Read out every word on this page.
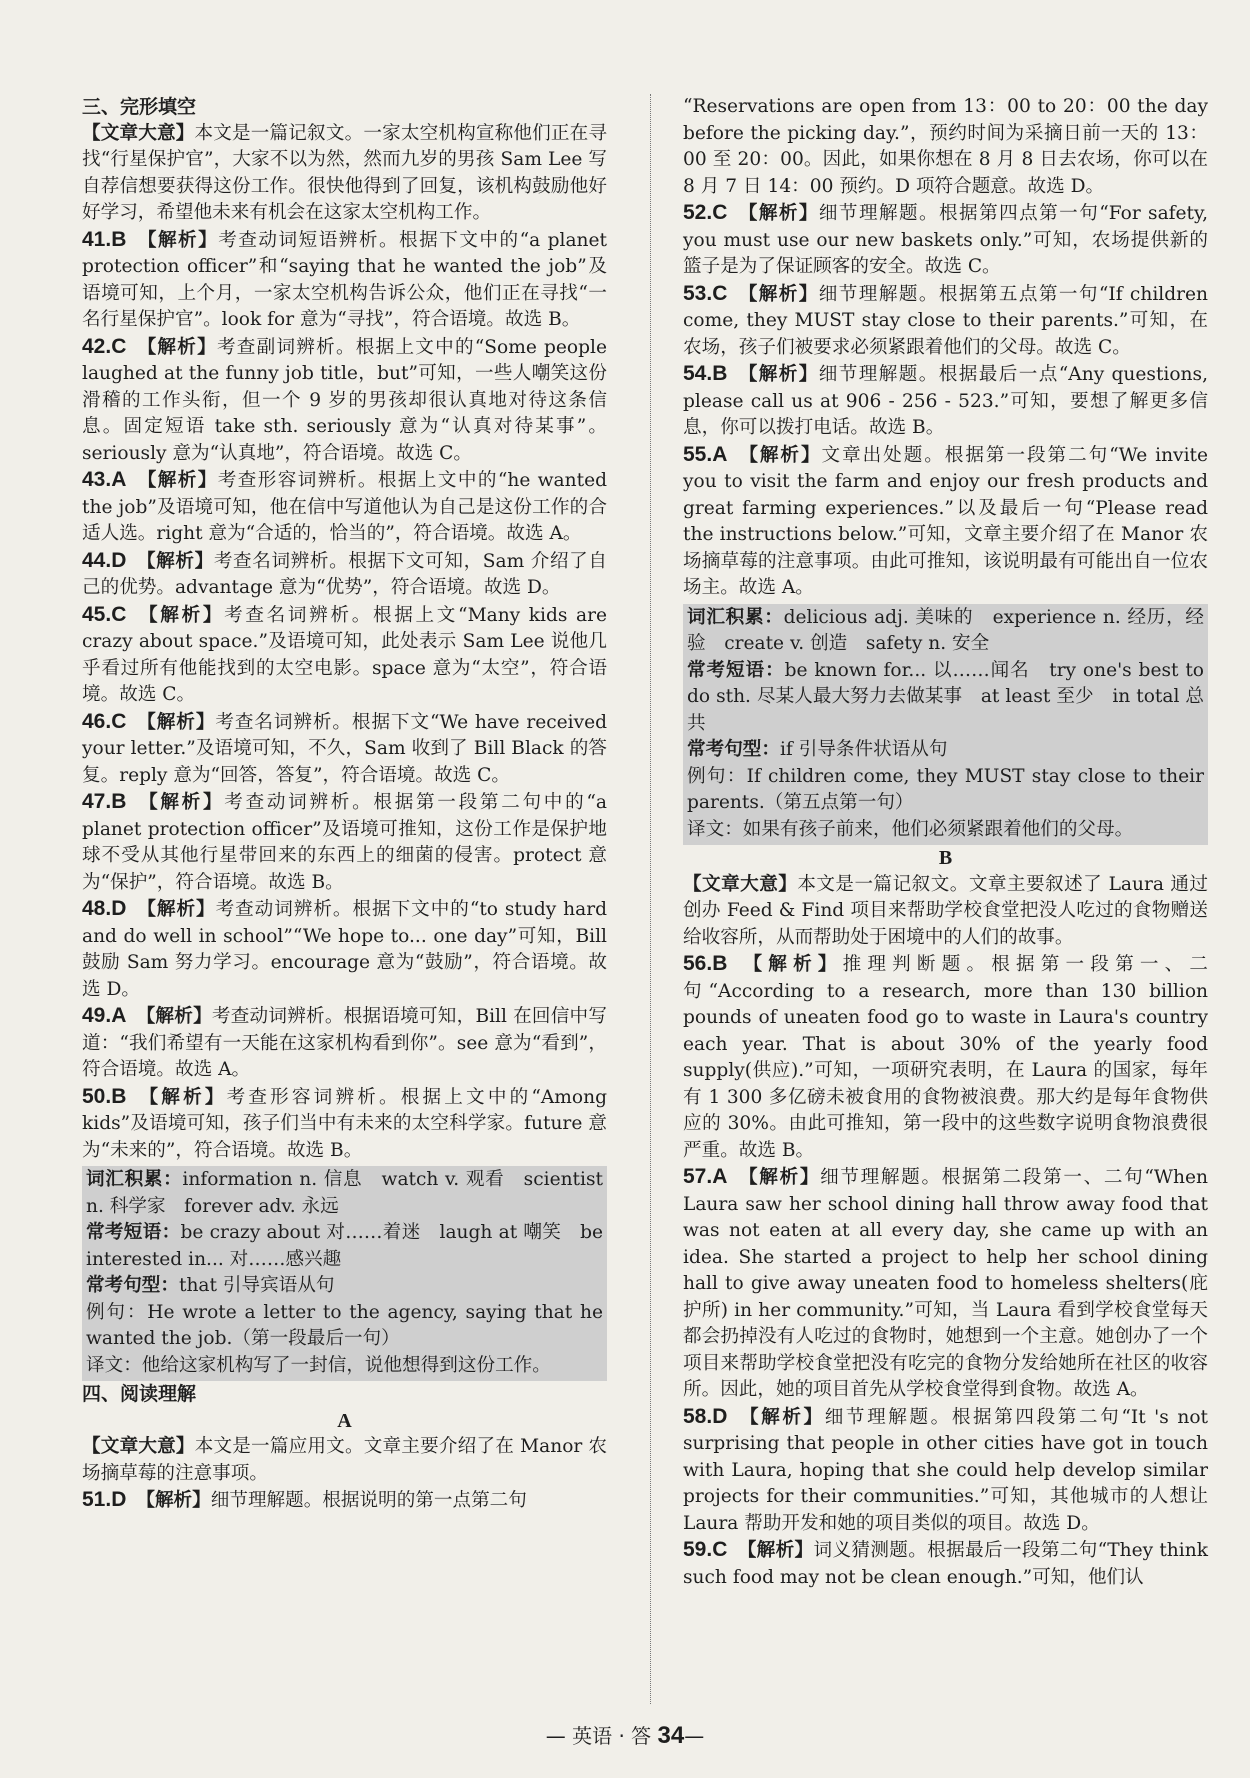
三、完形填空

【文章大意】本文是一篇记叙文。一家太空机构宣称他们正在寻找“行星保护官”，大家不以为然，然而九岁的男孩 Sam Lee 写自荐信想要获得这份工作。很快他得到了回复，该机构鼓励他好好学习，希望他未来有机会在这家太空机构工作。

41.B 【解析】考查动词短语辨析。根据下文中的“a planet protection officer”和“saying that he wanted the job”及语境可知，上个月，一家太空机构告诉公众，他们正在寻找“一名行星保护官”。look for 意为“寻找”，符合语境。故选 B。

42.C 【解析】考查副词辨析。根据上文中的“Some people laughed at the funny job title，but”可知，一些人嘲笑这份滑稽的工作头衔，但一个 9 岁的男孩却很认真地对待这条信息。固定短语 take sth. seriously 意为“认真对待某事”。seriously 意为“认真地”，符合语境。故选 C。

43.A 【解析】考查形容词辨析。根据上文中的“he wanted the job”及语境可知，他在信中写道他认为自己是这份工作的合适人选。right 意为“合适的，恰当的”，符合语境。故选 A。

44.D 【解析】考查名词辨析。根据下文可知，Sam 介绍了自己的优势。advantage 意为“优势”，符合语境。故选 D。

45.C 【解析】考查名词辨析。根据上文“Many kids are crazy about space.”及语境可知，此处表示 Sam Lee 说他几乎看过所有他能找到的太空电影。space 意为“太空”，符合语境。故选 C。

46.C 【解析】考查名词辨析。根据下文“We have received your letter.”及语境可知，不久，Sam 收到了 Bill Black 的答复。reply 意为“回答，答复”，符合语境。故选 C。

47.B 【解析】考查动词辨析。根据第一段第二句中的“a planet protection officer”及语境可推知，这份工作是保护地球不受从其他行星带回来的东西上的细菌的侵害。protect 意为“保护”，符合语境。故选 B。

48.D 【解析】考查动词辨析。根据下文中的“to study hard and do well in school”“We hope to... one day”可知，Bill 鼓励 Sam 努力学习。encourage 意为“鼓励”，符合语境。故选 D。

49.A 【解析】考查动词辨析。根据语境可知，Bill 在回信中写道：“我们希望有一天能在这家机构看到你”。see 意为“看到”，符合语境。故选 A。

50.B 【解析】考查形容词辨析。根据上文中的“Among kids”及语境可知，孩子们当中有未来的太空科学家。future 意为“未来的”，符合语境。故选 B。

词汇积累：information n. 信息　watch v. 观看　scientist n. 科学家　forever adv. 永远

常考短语：be crazy about 对……着迷　laugh at 嘲笑　be interested in... 对……感兴趣

常考句型：that 引导宾语从句

例句：He wrote a letter to the agency, saying that he wanted the job.（第一段最后一句）

译文：他给这家机构写了一封信，说他想得到这份工作。

四、阅读理解

A

【文章大意】本文是一篇应用文。文章主要介绍了在 Manor 农场摘草莓的注意事项。

51.D 【解析】细节理解题。根据说明的第一点第二句

“Reservations are open from 13：00 to 20：00 the day before the picking day.”，预约时间为采摘日前一天的 13：00 至 20：00。因此，如果你想在 8 月 8 日去农场，你可以在 8 月 7 日 14：00 预约。D 项符合题意。故选 D。

52.C 【解析】细节理解题。根据第四点第一句“For safety, you must use our new baskets only.”可知，农场提供新的篮子是为了保证顾客的安全。故选 C。

53.C 【解析】细节理解题。根据第五点第一句“If children come, they MUST stay close to their parents.”可知，在农场，孩子们被要求必须紧跟着他们的父母。故选 C。

54.B 【解析】细节理解题。根据最后一点“Any questions, please call us at 906 - 256 - 523.”可知，要想了解更多信息，你可以拨打电话。故选 B。

55.A 【解析】文章出处题。根据第一段第二句“We invite you to visit the farm and enjoy our fresh products and great farming experiences.”以及最后一句“Please read the instructions below.”可知，文章主要介绍了在 Manor 农场摘草莓的注意事项。由此可推知，该说明最有可能出自一位农场主。故选 A。

词汇积累：delicious adj. 美味的　experience n. 经历，经验　create v. 创造　safety n. 安全

常考短语：be known for... 以……闻名　try one's best to do sth. 尽某人最大努力去做某事　at least 至少　in total 总共

常考句型：if 引导条件状语从句

例句：If children come, they MUST stay close to their parents.（第五点第一句）

译文：如果有孩子前来，他们必须紧跟着他们的父母。

B

【文章大意】本文是一篇记叙文。文章主要叙述了 Laura 通过创办 Feed & Find 项目来帮助学校食堂把没人吃过的食物赠送给收容所，从而帮助处于困境中的人们的故事。

56.B 【解析】推理判断题。根据第一段第一、二句“According to a research, more than 130 billion pounds of uneaten food go to waste in Laura's country each year. That is about 30% of the yearly food supply(供应).”可知，一项研究表明，在 Laura 的国家，每年有 1 300 多亿磅未被食用的食物被浪费。那大约是每年食物供应的 30%。由此可推知，第一段中的这些数字说明食物浪费很严重。故选 B。

57.A 【解析】细节理解题。根据第二段第一、二句“When Laura saw her school dining hall throw away food that was not eaten at all every day, she came up with an idea. She started a project to help her school dining hall to give away uneaten food to homeless shelters(庇护所) in her community.”可知，当 Laura 看到学校食堂每天都会扔掉没有人吃过的食物时，她想到一个主意。她创办了一个项目来帮助学校食堂把没有吃完的食物分发给她所在社区的收容所。因此，她的项目首先从学校食堂得到食物。故选 A。

58.D 【解析】细节理解题。根据第四段第二句“It 's not surprising that people in other cities have got in touch with Laura, hoping that she could help develop similar projects for their communities.”可知，其他城市的人想让 Laura 帮助开发和她的项目类似的项目。故选 D。

59.C 【解析】词义猜测题。根据最后一段第二句“They think such food may not be clean enough.”可知，他们认

— 英语 · 答 34—
